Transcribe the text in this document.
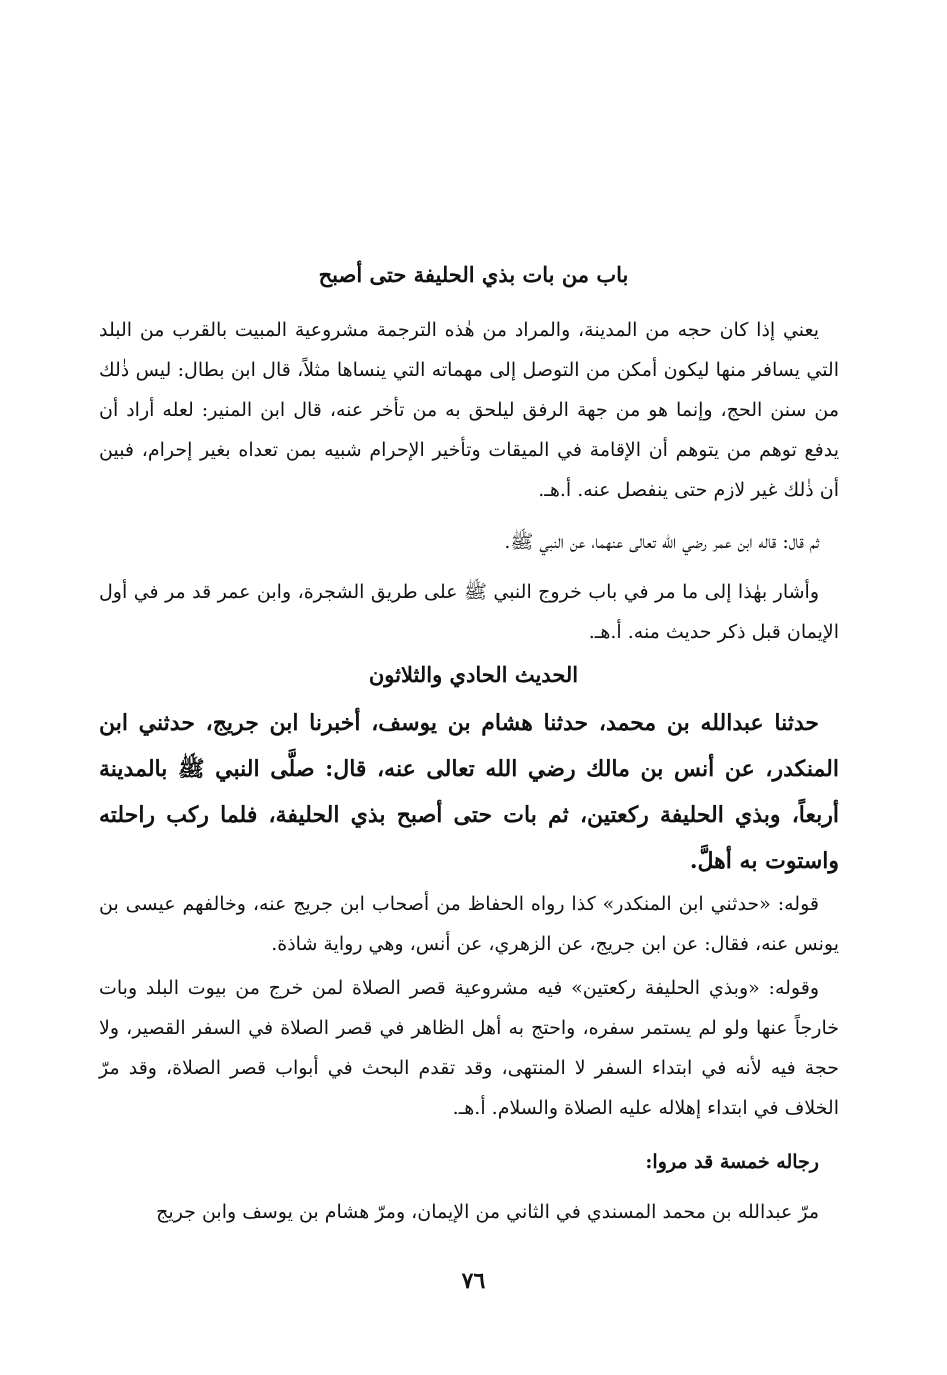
باب من بات بذي الحليفة حتى أصبح
يعني إذا كان حجه من المدينة، والمراد من هٰذه الترجمة مشروعية المبيت بالقرب من البلد التي يسافر منها ليكون أمكن من التوصل إلى مهماته التي ينساها مثلاً، قال ابن بطال: ليس ذٰلك من سنن الحج، وإنما هو من جهة الرفق ليلحق به من تأخر عنه، قال ابن المنير: لعله أراد أن يدفع توهم من يتوهم أن الإقامة في الميقات وتأخير الإحرام شبيه بمن تعداه بغير إحرام، فبين أن ذٰلك غير لازم حتى ينفصل عنه. أ.هـ.
ثم قال: قاله ابن عمر رضي الله تعالى عنهما، عن النبي ﷺ.
وأشار بهٰذا إلى ما مر في باب خروج النبي ﷺ على طريق الشجرة، وابن عمر قد مر في أول الإيمان قبل ذكر حديث منه. أ.هـ.
الحديث الحادي والثلاثون
حدثنا عبدالله بن محمد، حدثنا هشام بن يوسف، أخبرنا ابن جريج، حدثني ابن المنكدر، عن أنس بن مالك رضي الله تعالى عنه، قال: صلَّى النبي ﷺ بالمدينة أربعاً، وبذي الحليفة ركعتين، ثم بات حتى أصبح بذي الحليفة، فلما ركب راحلته واستوت به أهلَّ.
قوله: «حدثني ابن المنكدر» كذا رواه الحفاظ من أصحاب ابن جريج عنه، وخالفهم عيسى بن يونس عنه، فقال: عن ابن جريج، عن الزهري، عن أنس، وهي رواية شاذة.
وقوله: «وبذي الحليفة ركعتين» فيه مشروعية قصر الصلاة لمن خرج من بيوت البلد وبات خارجاً عنها ولو لم يستمر سفره، واحتج به أهل الظاهر في قصر الصلاة في السفر القصير، ولا حجة فيه لأنه في ابتداء السفر لا المنتهى، وقد تقدم البحث في أبواب قصر الصلاة، وقد مرّ الخلاف في ابتداء إهلاله عليه الصلاة والسلام. أ.هـ.
رجاله خمسة قد مروا:
مرّ عبدالله بن محمد المسندي في الثاني من الإيمان، ومرّ هشام بن يوسف وابن جريج
٧٦
